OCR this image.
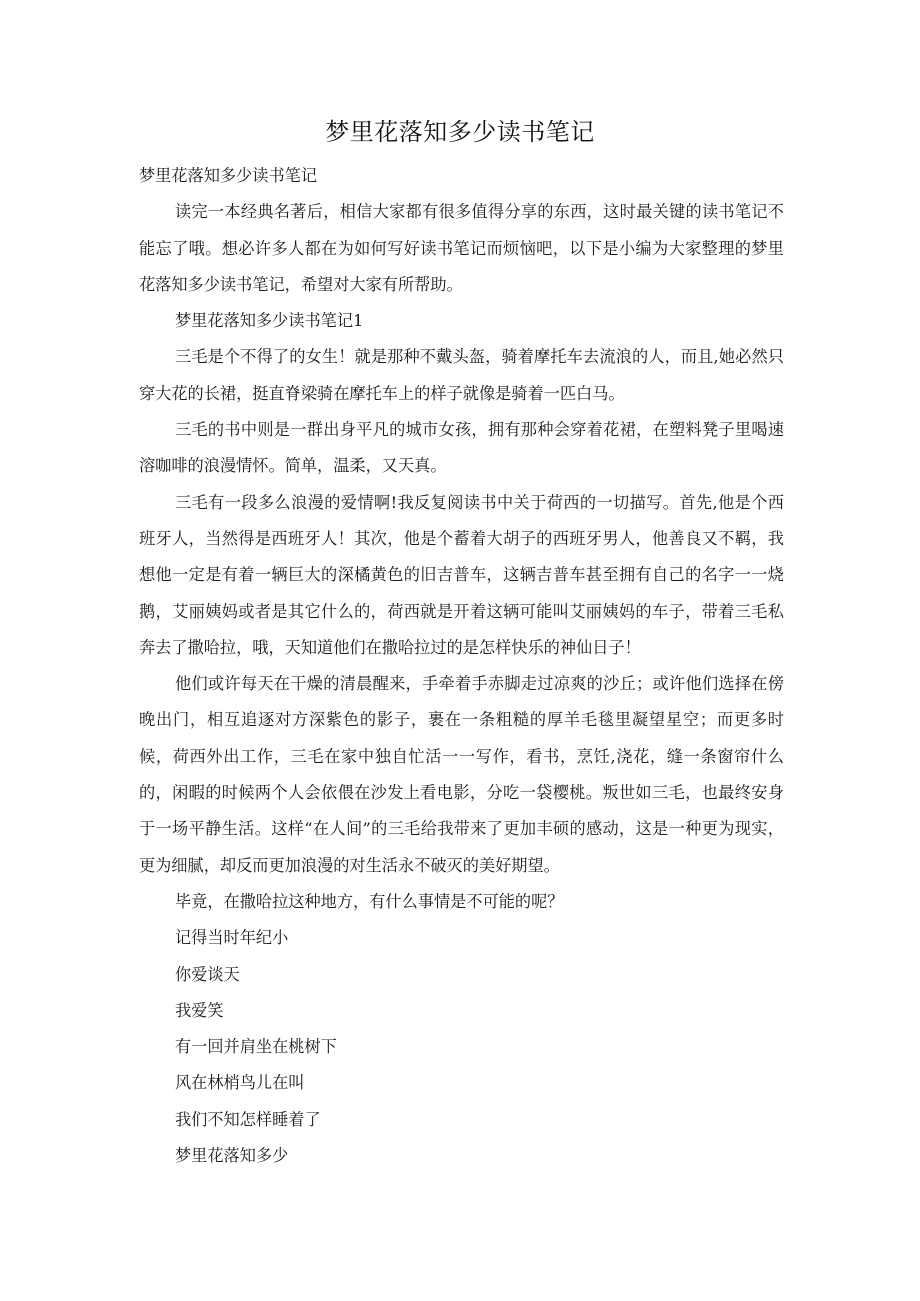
梦里花落知多少读书笔记

梦里花落知多少读书笔记

读完一本经典名著后，相信大家都有很多值得分享的东西，这时最关键的读书笔记不能忘了哦。想必许多人都在为如何写好读书笔记而烦恼吧，以下是小编为大家整理的梦里花落知多少读书笔记，希望对大家有所帮助。

梦里花落知多少读书笔记1

三毛是个不得了的女生！就是那种不戴头盔，骑着摩托车去流浪的人，而且,她必然只穿大花的长裙，挺直脊梁骑在摩托车上的样子就像是骑着一匹白马。

三毛的书中则是一群出身平凡的城市女孩，拥有那种会穿着花裙，在塑料凳子里喝速溶咖啡的浪漫情怀。简单，温柔，又天真。

三毛有一段多么浪漫的爱情啊!我反复阅读书中关于荷西的一切描写。首先,他是个西班牙人，当然得是西班牙人！其次，他是个蓄着大胡子的西班牙男人，他善良又不羁，我想他一定是有着一辆巨大的深橘黄色的旧吉普车，这辆吉普车甚至拥有自己的名字一一烧鹅，艾丽姨妈或者是其它什么的，荷西就是开着这辆可能叫艾丽姨妈的车子，带着三毛私奔去了撒哈拉，哦，天知道他们在撒哈拉过的是怎样快乐的神仙日子！

他们或许每天在干燥的清晨醒来，手牵着手赤脚走过凉爽的沙丘；或许他们选择在傍晚出门，相互追逐对方深紫色的影子，裹在一条粗糙的厚羊毛毯里凝望星空；而更多时候，荷西外出工作，三毛在家中独自忙活一一写作，看书，烹饪,浇花，缝一条窗帘什么的，闲暇的时候两个人会依偎在沙发上看电影，分吃一袋樱桃。叛世如三毛，也最终安身于一场平静生活。这样“在人间”的三毛给我带来了更加丰硕的感动，这是一种更为现实，更为细腻，却反而更加浪漫的对生活永不破灭的美好期望。

毕竟，在撒哈拉这种地方，有什么事情是不可能的呢？

记得当时年纪小

你爱谈天

我爱笑

有一回并肩坐在桃树下

风在林梢鸟儿在叫

我们不知怎样睡着了

梦里花落知多少
